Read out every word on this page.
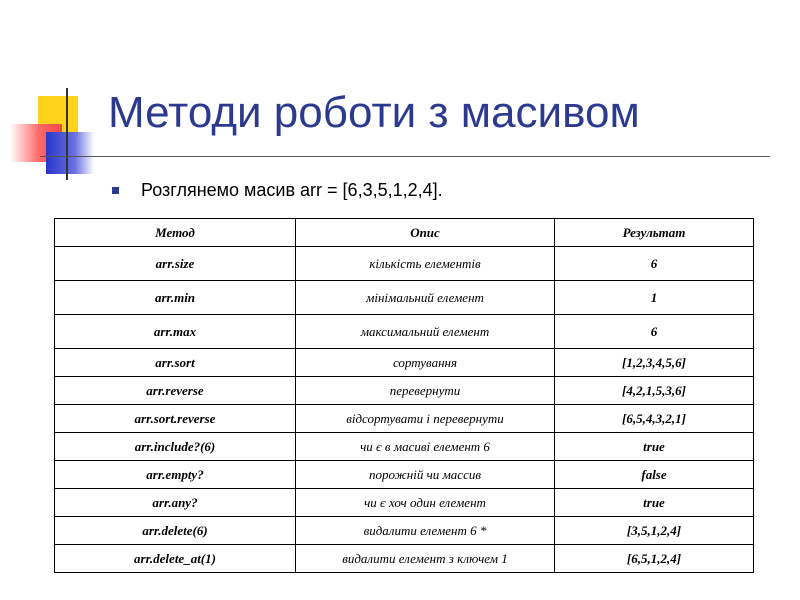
Методи роботи з масивом
Розглянемо масив arr = [6,3,5,1,2,4].
Метод	Опис	Результат
arr.size	кількість елементів	6
arr.min	мінімальний елемент	1
arr.max	максимальний елемент	6
arr.sort	сортування	[1,2,3,4,5,6]
arr.reverse	перевернути	[4,2,1,5,3,6]
arr.sort.reverse	відсортувати і перевернути	[6,5,4,3,2,1]
arr.include?(6)	чи є в масиві елемент 6	true
arr.empty?	порожній чи массив	false
arr.any?	чи є хоч один елемент	true
arr.delete(6)	видалити елемент 6 *	[3,5,1,2,4]
arr.delete_at(1)	видалити елемент з ключем 1	[6,5,1,2,4]
